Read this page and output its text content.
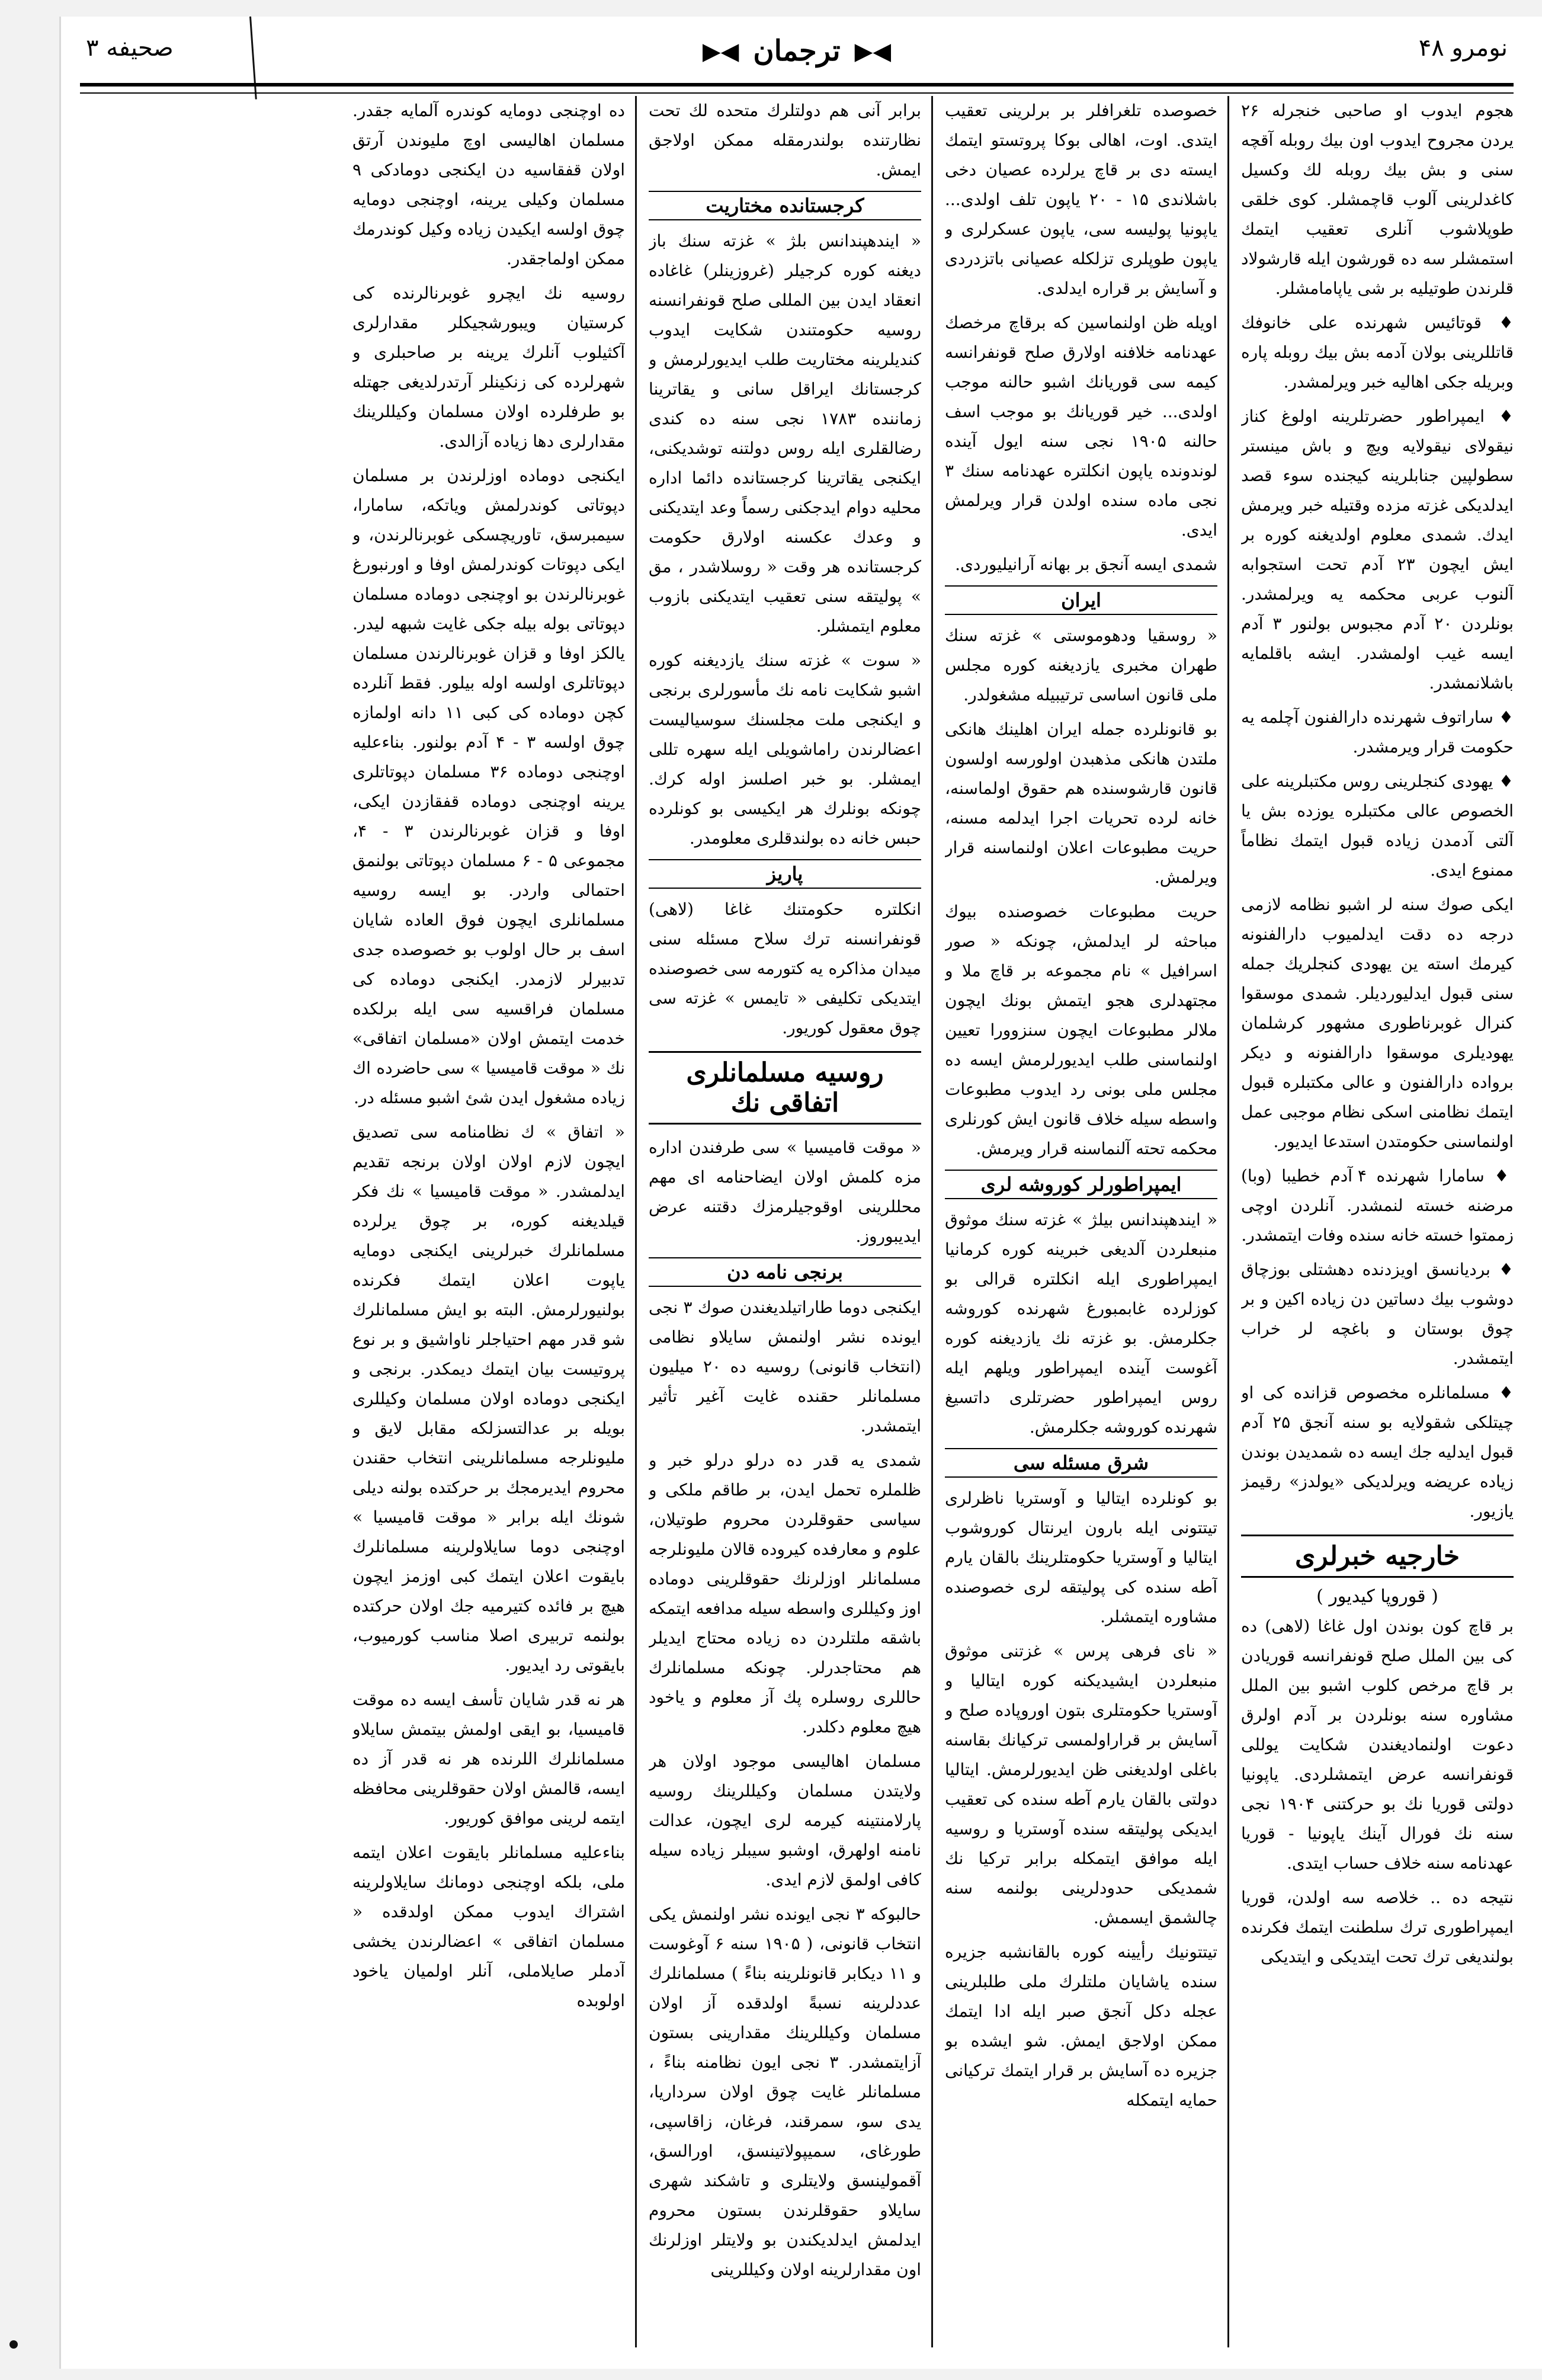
صحیفه ۳	◀▶
ترجمان
◀▶	نومرو ۴۸
هجوم ایدوب او صاحبی خنجرله ۲۶ یردن مجروح ایدوب اون بیك روبله آقچه سنی و بش بیك روبله لك وکسیل کاغدلرینی آلوب قاچمشلر. کوی خلقی طوپلاشوب آنلری تعقیب ایتمك استمشلر سه ده قورشون ایله قارشولاد قلرندن طوتیلیه بر شی یاپامامشلر.
♦ قوتائیس شهرنده علی خانوفك قاتللرینی بولان آدمه بش بیك روبله پاره وبریله جکی اهالیه خبر ویرلمشدر.
♦ ایمپراطور حضرتلرینه اولوغ کناز نیقولای نیقولایه ویچ و باش مینستر سطولپین جنابلرینه کیجنده سوء قصد ایدلدیکی غزته مزده وقتیله خبر ویرمش ایدك. شمدی معلوم اولدیغنه کوره بر ایش ایچون ۲۳ آدم تحت استجوابه آلنوب عربی محکمه یه ویرلمشدر. بونلردن ۲۰ آدم مجبوس بولنور ۳ آدم ایسه غیب اولمشدر. ایشه باقلمایه باشلانمشدر.
♦ ساراتوف شهرنده دارالفنون آچلمه یه حکومت قرار ویرمشدر.
♦ یهودی کنجلرینی روس مکتبلرینه علی الخصوص عالی مکتبلره یوزده بش یا آلتی آدمدن زیاده قبول ایتمك نظاماً ممنوع ایدی.
ایکی صوك سنه لر اشبو نظامه لازمی درجه ده دقت ایدلمیوب دارالفنونه کیرمك استه ین یهودی کنجلریك جمله سنی قبول ایدلیوردیلر. شمدی موسقوا کنرال غوبرناطوری مشهور کرشلمان یهودیلری موسقوا دارالفنونه و دیکر برواده دارالفنون و عالی مکتبلره قبول ایتمك نظامنی اسکی نظام موجبی عمل اولنماسنی حکومتدن استدعا ایدیور.
♦ سامارا شهرنده ۴ آدم خطیبا (وبا) مرضنه خسته لنمشدر. آنلردن اوچی زممتوا خسته خانه سنده وفات ایتمشدر.
♦ بردیانسق اویزدنده دهشتلی بوزچاق دوشوب بیك دساتین دن زیاده اکین و بر چوق بوستان و باغچه لر خراب ایتمشدر.
♦ مسلمانلره مخصوص قزانده کی او چیتلکی شقولایه بو سنه آنجق ۲۵ آدم قبول ایدلیه جك ایسه ده شمدیدن بوندن زیاده عریضه ویرلدیکی «یولدز» رقیمز یازیور.
خارجیه خبرلری
( قوروپا کیدیور )
بر قاچ کون بوندن اول غاغا (لاهی) ده کی بین الملل صلح قونفرانسه قوریادن بر قاچ مرخص کلوب اشبو بین الملل مشاوره سنه بونلردن بر آدم اولرق دعوت اولنمادیغندن شکایت یوللی قونفرانسه عرض ایتمشلردی. یاپونیا دولتی قوریا نك بو حرکتنی ۱۹۰۴ نجی سنه نك فورال آینك یاپونیا - قوریا عهدنامه سنه خلاف حساب ایتدی.
نتیجه ده .. خلاصه سه اولدن، قوریا ایمپراطوری ترك سلطنت ایتمك فکرنده بولندیغی ترك تحت ایتدیکی و ایتدیکی
خصوصده تلغرافلر بر برلرینی تعقیب ایتدی. اوت، اهالی بوکا پروتستو ایتمك ایسته دی بر قاچ یرلرده عصیان دخی باشلاندی ۱۵ - ۲۰ یاپون تلف اولدی... یاپونیا پولیسه سی، یاپون عسکرلری و یاپون طوپلری تزلکله عصیانی باتزدردی و آسایش بر قراره ایدلدی.
اویله ظن اولنماسین که برقاچ مرخصك عهدنامه خلافنه اولارق صلح قونفرانسه کیمه سی قوریانك اشبو حالنه موجب اولدی... خیر قوریانك بو موجب اسف حالنه ۱۹۰۵ نجی سنه ایول آینده لوندونده یاپون انکلتره عهدنامه سنك ۳ نجی ماده سنده اولدن قرار ویرلمش ایدی.
شمدی ایسه آنجق بر بهانه آرانیلیوردی.
ایران
« روسقیا ودهوموستی » غزته سنك طهران مخبری یازدیغنه کوره مجلس ملی قانون اساسی ترتیبیله مشغولدر.
بو قانونلرده جمله ایران اهلینك هانکی ملتدن هانکی مذهبدن اولورسه اولسون قانون قارشوسنده هم حقوق اولماسنه، خانه لرده تحریات اجرا ایدلمه مسنه، حریت مطبوعات اعلان اولنماسنه قرار ویرلمش.
حریت مطبوعات خصوصنده بیوك مباحثه لر ایدلمش، چونکه « صور اسرافیل » نام مجموعه بر قاچ ملا و مجتهدلری هجو ایتمش بونك ایچون ملالر مطبوعات ایچون سنزوورا تعیین اولنماسنی طلب ایدیورلرمش ایسه ده مجلس ملی بونی رد ایدوب مطبوعات واسطه سیله خلاف قانون ایش کورنلری محکمه تحته آلنماسنه قرار ویرمش.
ایمپراطورلر کوروشه لری
« ایندهپندانس بیلژ » غزته سنك موثوق منبعلردن آلدیغی خبرینه کوره کرمانیا ایمپراطوری ایله انکلتره قرالی بو کوزلرده غابمبورغ شهرنده کوروشه جکلرمش. بو غزته نك یازدیغنه کوره آغوست آینده ایمپراطور ویلهم ایله روس ایمپراطور حضرتلری داتسیغ شهرنده کوروشه جکلرمش.
شرق مسئله سی
بو کونلرده ایتالیا و آوستریا ناظرلری تیتتونی ایله بارون ایرنتال کوروشوب ایتالیا و آوستریا حکومتلرینك بالقان یارم آطه سنده کی پولیتقه لری خصوصنده مشاوره ایتمشلر.
« نای فرهی پرس » غزتنی موثوق منبعلردن ایشیدیکنه کوره ایتالیا و آوستریا حکومتلری بتون اوروپاده صلح و آسایش بر قراراولمسی ترکیانك بقاسنه باغلی اولدیغنی ظن ایدیورلرمش. ایتالیا دولتی بالقان یارم آطه سنده کی تعقیب ایدیکی پولیتقه سنده آوستریا و روسیه ایله موافق ایتمکله برابر ترکیا نك شمدیکی حدودلرینی بولنمه سنه چالشمق ایسمش.
تیتتونیك رأیینه کوره بالقانشبه جزیره سنده یاشایان ملتلرك ملی طلبلرینی عجله دکل آنجق صبر ایله ادا ایتمك ممکن اولاجق ایمش. شو ایشده بو جزیره ده آسایش بر قرار ایتمك ترکیانی حمایه ایتمکله
برابر آنی هم دولتلرك متحده لك تحت نظارتنده بولندرمقله ممکن اولاجق ایمش.
کرجستانده مختاریت
« ایندهپندانس بلژ » غزته سنك باز دیغنه کوره کرجیلر (غروزینلر) غاغاده انعقاد ایدن بین المللی صلح قونفرانسنه روسیه حکومتندن شکایت ایدوب کندیلرینه مختاریت طلب ایدیورلرمش و کرجستانك ایراقل سانی و یقاترینا زماننده ۱۷۸۳ نجی سنه ده کندی رضالقلری ایله روس دولتنه توشدیکنی، ایکنجی یقاترینا کرجستانده دائما اداره محلیه دوام ایدجکنی رسماً وعد ایتدیکنی و وعدك عکسنه اولارق حکومت کرجستانده هر وقت « روسلاشدر ، مق » پولیتقه سنی تعقیب ایتدیکنی بازوب معلوم ایتمشلر.
« سوت » غزته سنك یازدیغنه کوره اشبو شکایت نامه نك مأسورلری برنجی و ایکنجی ملت مجلسنك سوسیالیست اعضالرندن راماشویلی ایله سهره تللی ایمشلر. بو خبر اصلسز اوله کرك. چونکه بونلرك هر ایکیسی بو کونلرده حبس خانه ده بولندقلری معلومدر.
پاریز
انکلتره حکومتنك غاغا (لاهی) قونفرانسنه ترك سلاح مسئله سنی میدان مذاکره یه کتورمه سی خصوصنده ایتدیکی تکلیفی « تایمس » غزته سی چوق معقول کوریور.
روسیه مسلمانلری اتفاقی نك
« موقت قامیسیا » سی طرفندن اداره مزه کلمش اولان ایضاحنامه ای مهم محللرینی اوقوجیلرمزك دقتنه عرض ایدیبوروز.
برنجی نامه دن
ایکنجی دوما طاراتیلدیغندن صوك ۳ نجی ایونده نشر اولنمش سایلاو نظامی (انتخاب قانونی) روسیه ده ۲۰ میلیون مسلمانلر حقنده غایت آغیر تأثیر ایتمشدر.
شمدی یه قدر ده درلو درلو خبر و ظلملره تحمل ایدن، بر طاقم ملکی و سیاسی حقوقلردن محروم طوتیلان، علوم و معارفده کیروده قالان ملیونلرجه مسلمانلر اوزلرنك حقوقلرینی دوماده اوز وکیللری واسطه سیله مدافعه ایتمکه باشقه ملتلردن ده زیاده محتاج ایدیلر هم محتاجدرلر. چونکه مسلمانلرك حاللری روسلره پك آز معلوم و یاخود هیچ معلوم دکلدر.
مسلمان اهالیسی موجود اولان هر ولایتدن مسلمان وکیللرینك روسیه پارلامنتینه کیرمه لری ایچون، عدالت نامنه اولهرق، اوشبو سیبلر زیاده سیله کافی اولمق لازم ایدی.
حالبوکه ۳ نجی ایونده نشر اولنمش یکی انتخاب قانونی، ( ۱۹۰۵ سنه ۶ آوغوست و ۱۱ دیکابر قانونلرینه بناءً ) مسلمانلرك عددلرینه نسبةً اولدقده آز اولان مسلمان وکیللرینك مقدارینی بستون آزایتمشدر. ۳ نجی ایون نظامنه بناءً ، مسلمانلر غایت چوق اولان سرداریا، یدی سو، سمرقند، فرغان، زاقاسپی، طورغای، سمیپولاتینسق، اورالسق، آقمولینسق ولایتلری و تاشکند شهری سایلاو حقوقلرندن بستون محروم ایدلمش ایدلدیکندن بو ولایتلر اوزلرنك اون مقدارلرینه اولان وکیللرینی
ده اوچنجی دومایه کوندره آلمایه جقدر. مسلمان اهالیسی اوچ ملیوندن آرتق اولان قفقاسیه دن ایکنجی دومادکی ۹ مسلمان وکیلی یرینه، اوچنجی دومایه چوق اولسه ایکیدن زیاده وکیل کوندرمك ممکن اولماجقدر.
روسیه نك ایچرو غوبرنالرنده کی کرستیان ویبورشجیکلر مقدارلری آکثیلوب آنلرك یرینه بر صاحبلری و شهرلرده کی زنکینلر آرتدرلدیغی جهتله بو طرفلرده اولان مسلمان وکیللرینك مقدارلری دها زیاده آزالدی.
ایکنجی دوماده اوزلرندن بر مسلمان دپوتاتی کوندرلمش ویاتکه، سامارا، سیمبرسق، تاوریچسکی غوبرنالرندن، و ایکی دپوتات کوندرلمش اوفا و اورنبورغ غوبرنالرندن بو اوچنجی دوماده مسلمان دپوتاتی بوله بیله جکی غایت شبهه لیدر. یالکز اوفا و قزان غوبرنالرندن مسلمان دپوتاتلری اولسه اوله بیلور. فقط آنلرده کچن دوماده کی کبی ۱۱ دانه اولمازه چوق اولسه ۳ - ۴ آدم بولنور. بناءعلیه اوچنجی دوماده ۳۶ مسلمان دپوتاتلری یرینه اوچنجی دوماده قفقازدن ایکی، اوفا و قزان غوبرنالرندن ۳ - ۴، مجموعی ۵ - ۶ مسلمان دپوتاتی بولنمق احتمالی واردر. بو ایسه روسیه مسلمانلری ایچون فوق العاده شایان اسف بر حال اولوب بو خصوصده جدی تدبیرلر لازمدر. ایکنجی دوماده کی مسلمان فراقسیه سی ایله برلکده خدمت ایتمش اولان «مسلمان اتفاقی» نك « موقت قامیسیا » سی حاضرده اك زیاده مشغول ایدن شئ اشبو مسئله در.
« اتفاق » ك نظامنامه سی تصدیق ایچون لازم اولان اولان برنجه تقدیم ایدلمشدر. « موقت قامیسیا » نك فکر قیلدیغنه کوره، بر چوق یرلرده مسلمانلرك خبرلرینی ایکنجی دومایه یاپوت اعلان ایتمك فکرنده بولنیورلرمش. البته بو ایش مسلمانلرك شو قدر مهم احتیاجلر ناواشیق و بر نوع پروتیست بیان ایتمك دیمکدر. برنجی و ایکنجی دوماده اولان مسلمان وکیللری بویله بر عدالتسزلکه مقابل لایق و ملیونلرجه مسلمانلرینی انتخاب حقندن محروم ایدیرمجك بر حرکتده بولنه دیلی شونك ایله برابر « موقت قامیسیا » اوچنجی دوما سایلاولرینه مسلمانلرك بایقوت اعلان ایتمك کبی اوزمز ایچون هیچ بر فائده کتیرمیه جك اولان حرکتده بولنمه تربیری اصلا مناسب کورمیوب، بایقوتی رد ایدیور.
هر نه قدر شایان تأسف ایسه ده موقت قامیسیا، بو ایقی اولمش بیتمش سایلاو مسلمانلرك اللرنده هر نه قدر آز ده ایسه، قالمش اولان حقوقلرینی محافظه ایتمه لرینی موافق کوریور.
بناءعلیه مسلمانلر بایقوت اعلان ایتمه ملی، بلکه اوچنجی دومانك سایلاولرینه اشتراك ایدوب ممکن اولدقده « مسلمان اتفاقی » اعضالرندن یخشی آدملر صایلاملی، آنلر اولمیان یاخود اولوبده
